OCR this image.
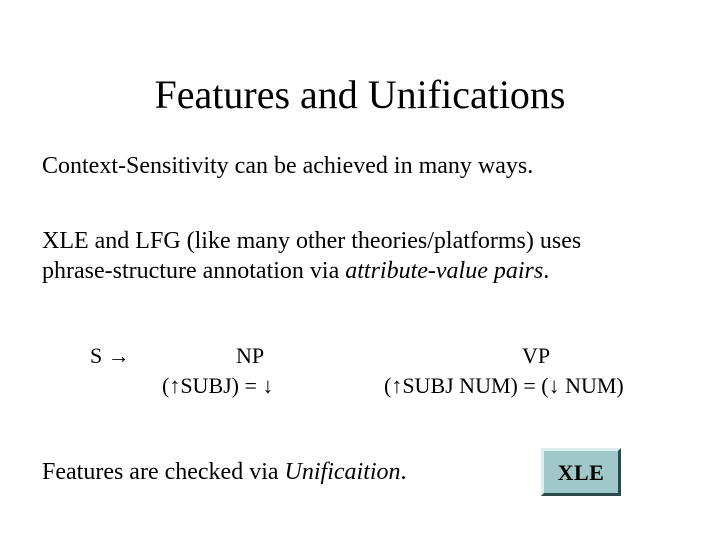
Features and Unifications
Context-Sensitivity can be achieved in many ways.
XLE and LFG (like many other theories/platforms) uses
phrase-structure annotation via attribute-value pairs.
S →	NP
(↑SUBJ) = ↓
VP
(↑SUBJ NUM) = (↓ NUM)
Features are checked via Unificaition.	XLE
